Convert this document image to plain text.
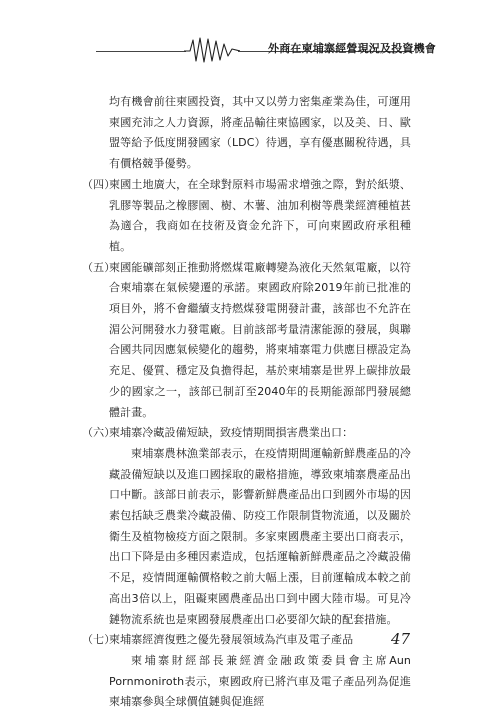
外商在柬埔寨經營現況及投資機會

均有機會前往柬國投資，其中又以勞力密集產業為佳，可運用柬國充沛之人力資源，將產品輸往柬協國家，以及美、日、歐盟等給予低度開發國家（LDC）待遇，享有優惠關稅待遇，具有價格競爭優勢。

（四）
柬國土地廣大，在全球對原料市場需求增強之際，對於紙漿、乳膠等製品之橡膠園、樹、木薯、油加利樹等農業經濟種植甚為適合，我商如在技術及資金允許下，可向柬國政府承租種植。

（五）
柬國能礦部刻正推動將燃煤電廠轉變為液化天然氣電廠，以符合柬埔寨在氣候變遷的承諾。柬國政府除2019年前已批准的項目外，將不會繼續支持燃煤發電開發計畫，該部也不允許在湄公河開發水力發電廠。目前該部考量清潔能源的發展，與聯合國共同因應氣候變化的趨勢，將柬埔寨電力供應目標設定為充足、優質、穩定及負擔得起，基於柬埔寨是世界上碳排放最少的國家之一，該部已制訂至2040年的長期能源部門發展總體計畫。

（六）
柬埔寨冷藏設備短缺，致疫情期間損害農業出口：

柬埔寨農林漁業部表示，在疫情期間運輸新鮮農產品的冷藏設備短缺以及進口國採取的嚴格措施，導致柬埔寨農產品出口中斷。該部日前表示，影響新鮮農產品出口到國外市場的因素包括缺乏農業冷藏設備、防疫工作限制貨物流通，以及關於衛生及植物檢疫方面之限制。多家柬國農產主要出口商表示，出口下降是由多種因素造成，包括運輸新鮮農產品之冷藏設備不足，疫情間運輸價格較之前大幅上漲，目前運輸成本較之前高出3倍以上，阻礙柬國農產品出口到中國大陸市場。可見冷鏈物流系統也是柬國發展農產出口必要卻欠缺的配套措施。

（七）
柬埔寨經濟復甦之優先發展領域為汽車及電子產品

柬埔寨財經部長兼經濟金融政策委員會主席Aun Pornmoniroth表示，柬國政府已將汽車及電子產品列為促進柬埔寨參與全球價值鏈與促進經

47
